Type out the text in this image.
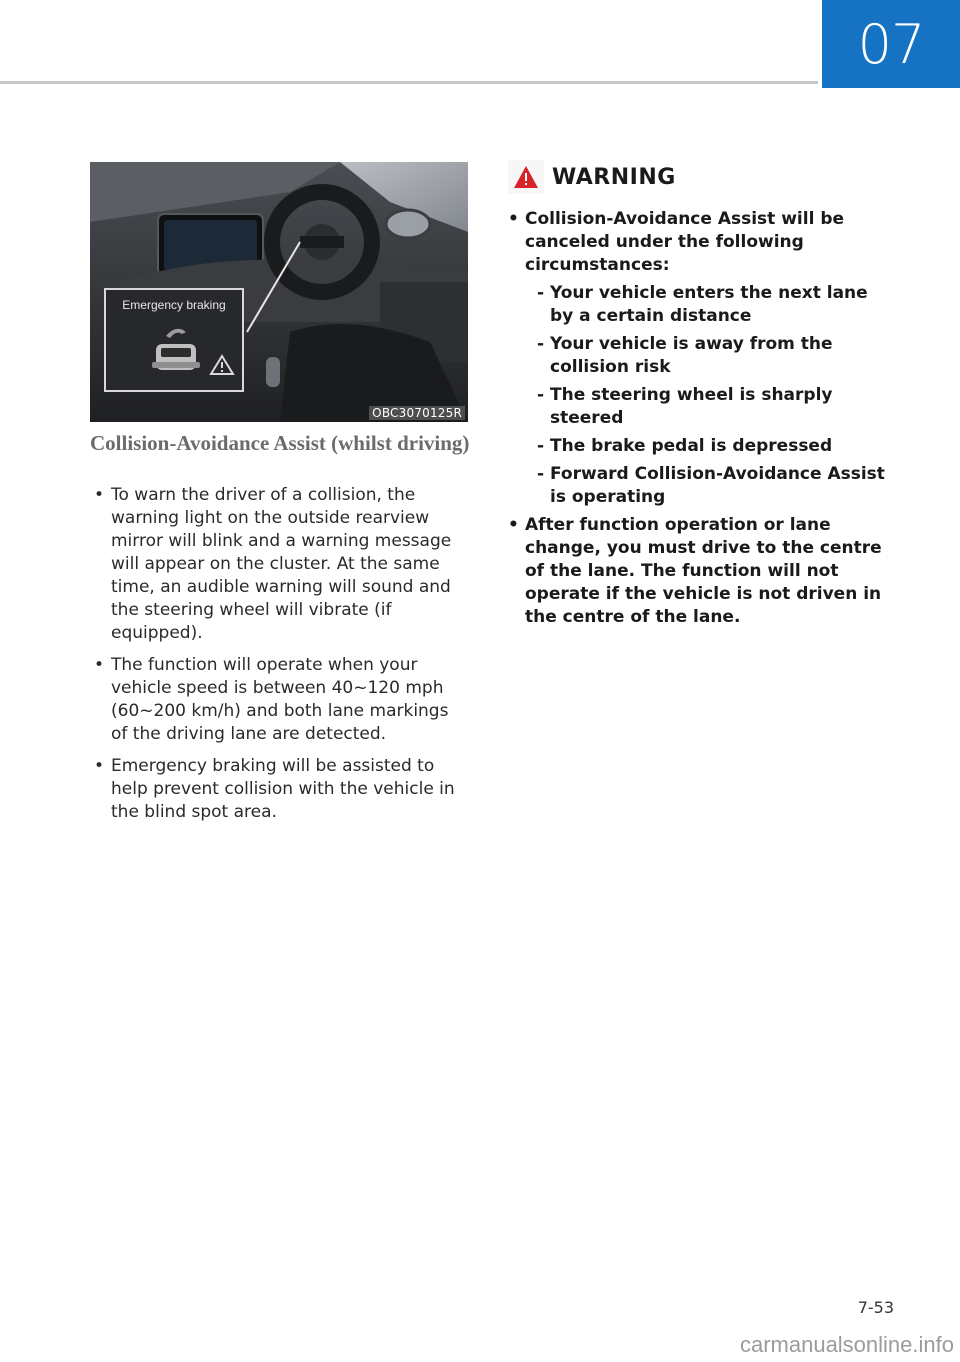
07
Emergency braking
OBC3070125R
Collision-Avoidance Assist (whilst driving)
• To warn the driver of a collision, the warning light on the outside rearview mirror will blink and a warning message will appear on the cluster. At the same time, an audible warning will sound and the steering wheel will vibrate (if equipped).
• The function will operate when your vehicle speed is between 40~120 mph (60~200 km/h) and both lane markings of the driving lane are detected.
• Emergency braking will be assisted to help prevent collision with the vehicle in the blind spot area.
WARNING
• Collision-Avoidance Assist will be canceled under the following circumstances:
- Your vehicle enters the next lane by a certain distance
- Your vehicle is away from the collision risk
- The steering wheel is sharply steered
- The brake pedal is depressed
- Forward Collision-Avoidance Assist is operating
• After function operation or lane change, you must drive to the centre of the lane. The function will not operate if the vehicle is not driven in the centre of the lane.
7-53
carmanualsonline.info
